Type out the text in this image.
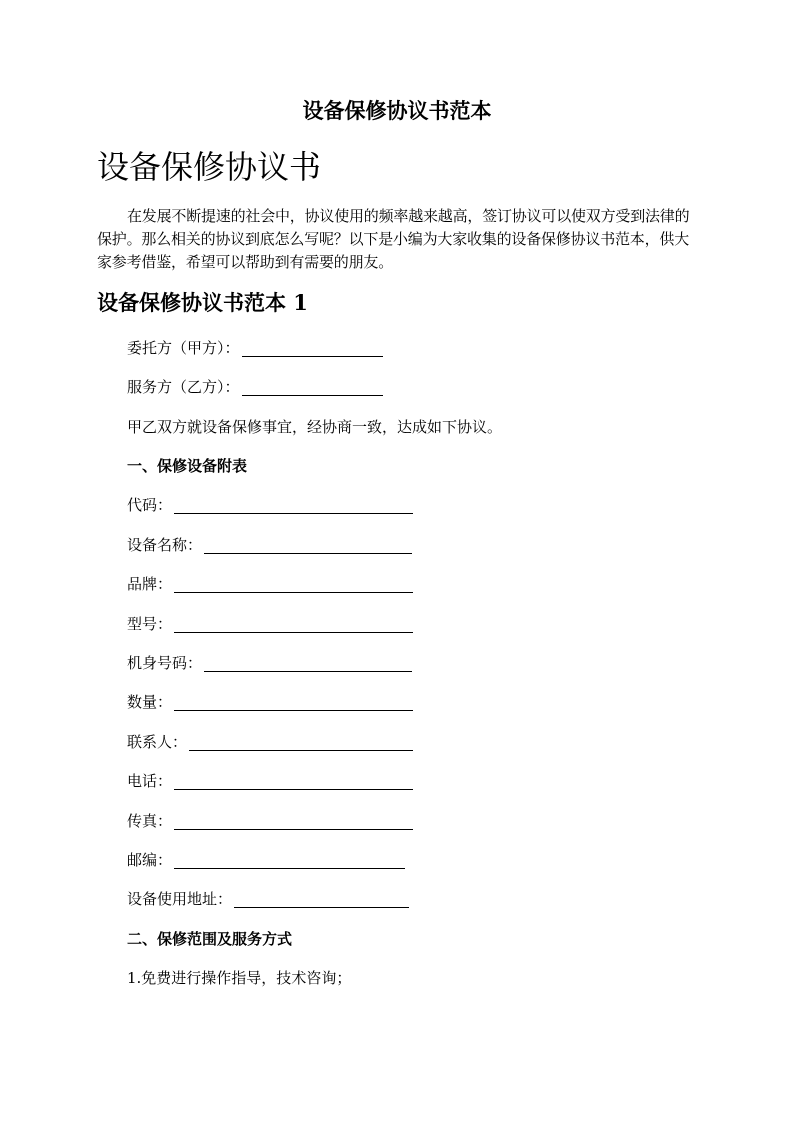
设备保修协议书范本
设备保修协议书

在发展不断提速的社会中，协议使用的频率越来越高，签订协议可以使双方受到法律的保护。那么相关的协议到底怎么写呢？以下是小编为大家收集的设备保修协议书范本，供大家参考借鉴，希望可以帮助到有需要的朋友。

设备保修协议书范本 1
委托方（甲方）：
服务方（乙方）：
甲乙双方就设备保修事宜，经协商一致，达成如下协议。
一、保修设备附表
代码：
设备名称：
品牌：
型号：
机身号码：
数量：
联系人：
电话：
传真：
邮编：
设备使用地址：
二、保修范围及服务方式
1.免费进行操作指导，技术咨询；
